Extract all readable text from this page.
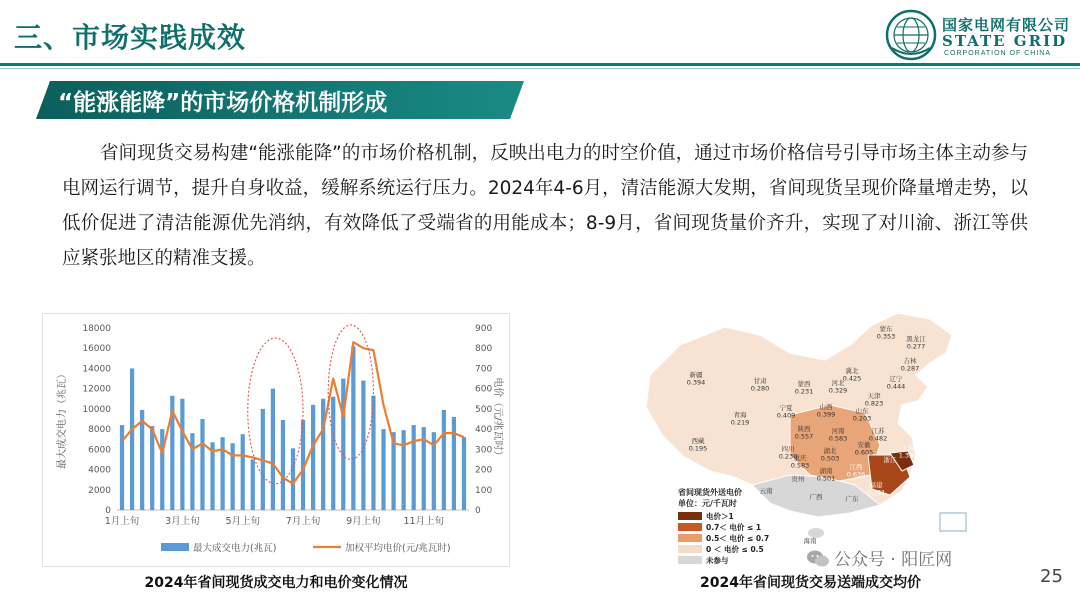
三、市场实践成效	国家电网有限公司
STATE GRID
CORPORATION OF CHINA
“能涨能降”的市场价格机制形成
省间现货交易构建“能涨能降”的市场价格机制，反映出电力的时空价值，通过市场价格信号引导市场主体主动参与电网运行调节，提升自身收益，缓解系统运行压力。2024年4-6月，清洁能源大发期，省间现货呈现价降量增走势，以低价促进了清洁能源优先消纳，有效降低了受端省的用能成本；8-9月，省间现货量价齐升，实现了对川渝、浙江等供应紧张地区的精准支援。
0
2000
4000
6000
8000
10000
12000
14000
16000
18000
0
100
200
300
400
500
600
700
800
900
最大成交电力（兆瓦）	电价（元/兆瓦时）
1月上旬	3月上旬	5月上旬	7月上旬	9月上旬 11月上旬
最大成交电力(兆瓦)	加权平均电价(元/兆瓦时)
2024年省间现货成交电力和电价变化情况
新疆
0.394
西藏
0.195
青海
0.219
甘肃
0.280
四川
0.230
宁夏
0.409
蒙西
0.231
陕西
0.557
山西
0.399
重庆
0.583
河南
0.583
湖北
0.503
湖南
0.501
江西
0.636
安徽
0.605
江苏
0.482
上海
1.390
浙江
福建
0.391
山东
0.203
河北
0.329
冀北
0.425
天津
0.823
辽宁
0.444
吉林
0.287
黑龙江
0.277
蒙东
0.353
云南
贵州
广西	广东
海南
省间现货外送电价
单位：元/千瓦时
电价＞1
0.7＜ 电价 ≤ 1
0.5＜ 电价 ≤ 0.7
0 ＜ 电价 ≤ 0.5
未参与
2024年省间现货交易送端成交均价
公众号 · 阳匠网
25
